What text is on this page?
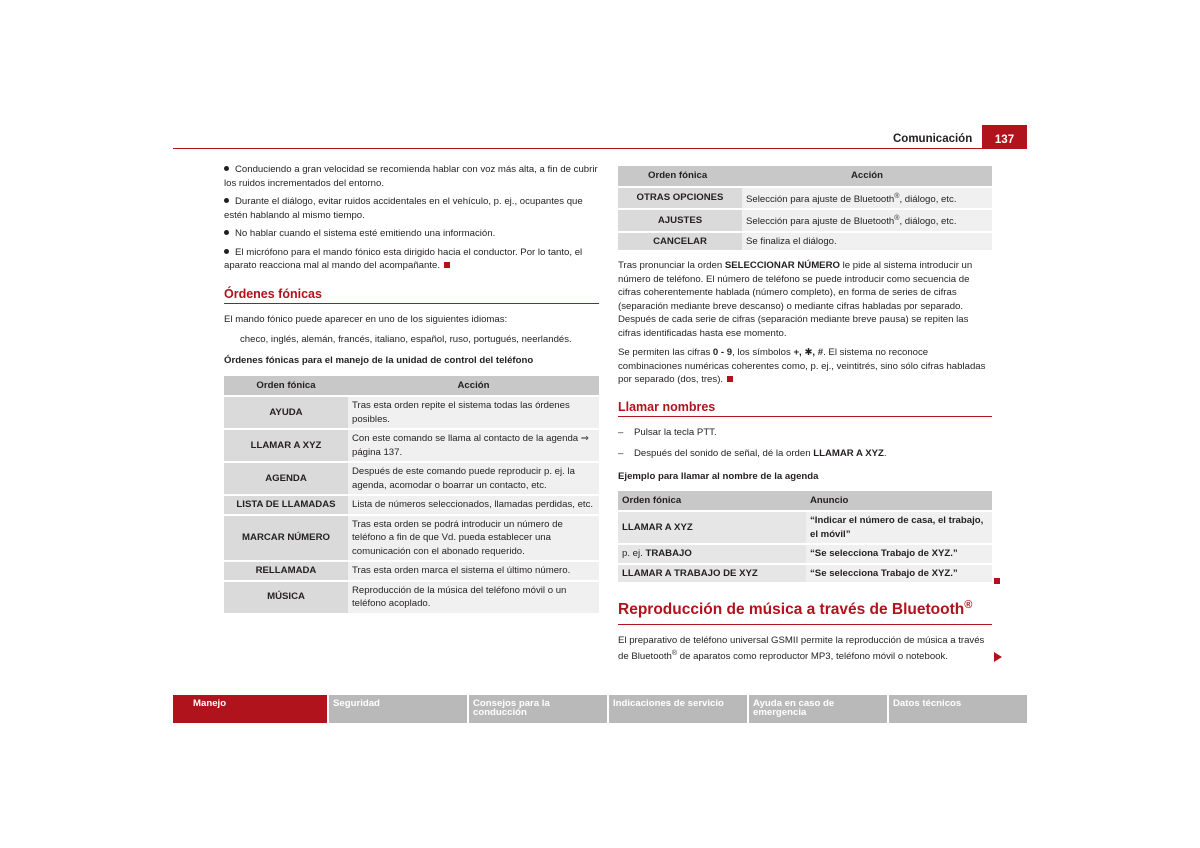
Comunicación	137

Conduciendo a gran velocidad se recomienda hablar con voz más alta, a fin de cubrir los ruidos incrementados del entorno.

Durante el diálogo, evitar ruidos accidentales en el vehículo, p. ej., ocupantes que estén hablando al mismo tiempo.

No hablar cuando el sistema esté emitiendo una información.

El micrófono para el mando fónico esta dirigido hacia el conductor. Por lo tanto, el aparato reacciona mal al mando del acompañante.

Órdenes fónicas

El mando fónico puede aparecer en uno de los siguientes idiomas:

checo, inglés, alemán, francés, italiano, español, ruso, portugués, neerlandés.

Órdenes fónicas para el manejo de la unidad de control del teléfono

Orden fónica	Acción
AYUDA	Tras esta orden repite el sistema todas las órdenes posibles.
LLAMAR A XYZ	Con este comando se llama al contacto de la agenda ⇒ página 137.
AGENDA	Después de este comando puede reproducir p. ej. la agenda, acomodar o boarrar un contacto, etc.
LISTA DE LLAMADAS	Lista de números seleccionados, llamadas perdidas, etc.
MARCAR NÚMERO	Tras esta orden se podrá introducir un número de teléfono a fin de que Vd. pueda establecer una comunicación con el abonado requerido.
RELLAMADA	Tras esta orden marca el sistema el último número.
MÚSICA	Reproducción de la música del teléfono móvil o un teléfono acoplado.
Orden fónica	Acción
OTRAS OPCIONES	Selección para ajuste de Bluetooth®, diálogo, etc.
AJUSTES	Selección para ajuste de Bluetooth®, diálogo, etc.
CANCELAR	Se finaliza el diálogo.

Tras pronunciar la orden SELECCIONAR NÚMERO le pide al sistema introducir un número de teléfono. El número de teléfono se puede introducir como secuencia de cifras coherentemente hablada (número completo), en forma de series de cifras (separación mediante breve descanso) o mediante cifras habladas por separado. Después de cada serie de cifras (separación mediante breve pausa) se repiten las cifras identificadas hasta ese momento.

Se permiten las cifras 0 - 9, los símbolos +, ✱, #. El sistema no reconoce combinaciones numéricas coherentes como, p. ej., veintitrés, sino sólo cifras habladas por separado (dos, tres).

Llamar nombres
– Pulsar la tecla PTT.
– Después del sonido de señal, dé la orden LLAMAR A XYZ.

Ejemplo para llamar al nombre de la agenda

Orden fónica	Anuncio
LLAMAR A XYZ	“Indicar el número de casa, el trabajo, el móvil”
p. ej. TRABAJO	“Se selecciona Trabajo de XYZ.”
LLAMAR A TRABAJO DE XYZ	“Se selecciona Trabajo de XYZ.”
Reproducción de música a través de Bluetooth®

El preparativo de teléfono universal GSMII permite la reproducción de música a través de Bluetooth® de aparatos como reproductor MP3, teléfono móvil o notebook.

Manejo	Seguridad	Consejos para la conducción
Indicaciones de servicio	Ayuda en caso de emergencia
Datos técnicos
